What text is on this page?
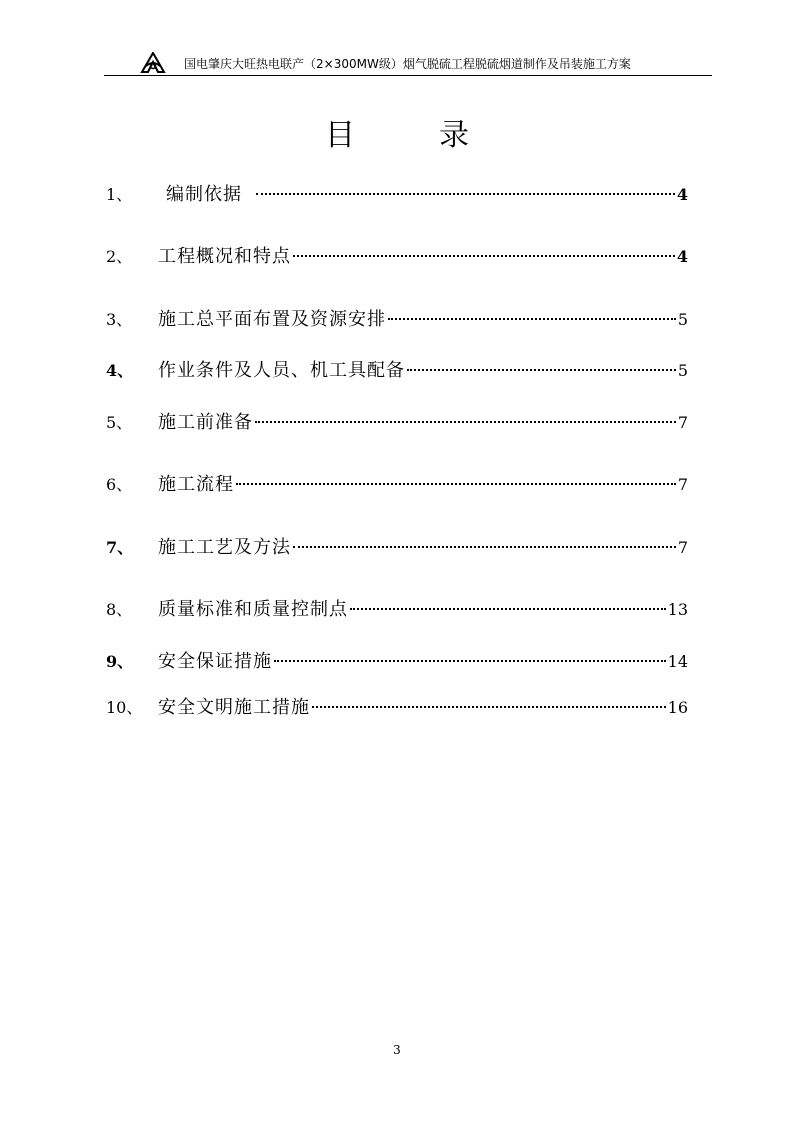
国电肇庆大旺热电联产（2×300MW级）烟气脱硫工程脱硫烟道制作及吊装施工方案
目	录
1、	编制依据	4
2、	工程概况和特点	4
3、	施工总平面布置及资源安排	5
4、	作业条件及人员、机工具配备	5
5、	施工前准备	7
6、	施工流程	7
7、	施工工艺及方法	7
8、	质量标准和质量控制点	13
9、	安全保证措施	14
10、 安全文明施工措施	16
3
